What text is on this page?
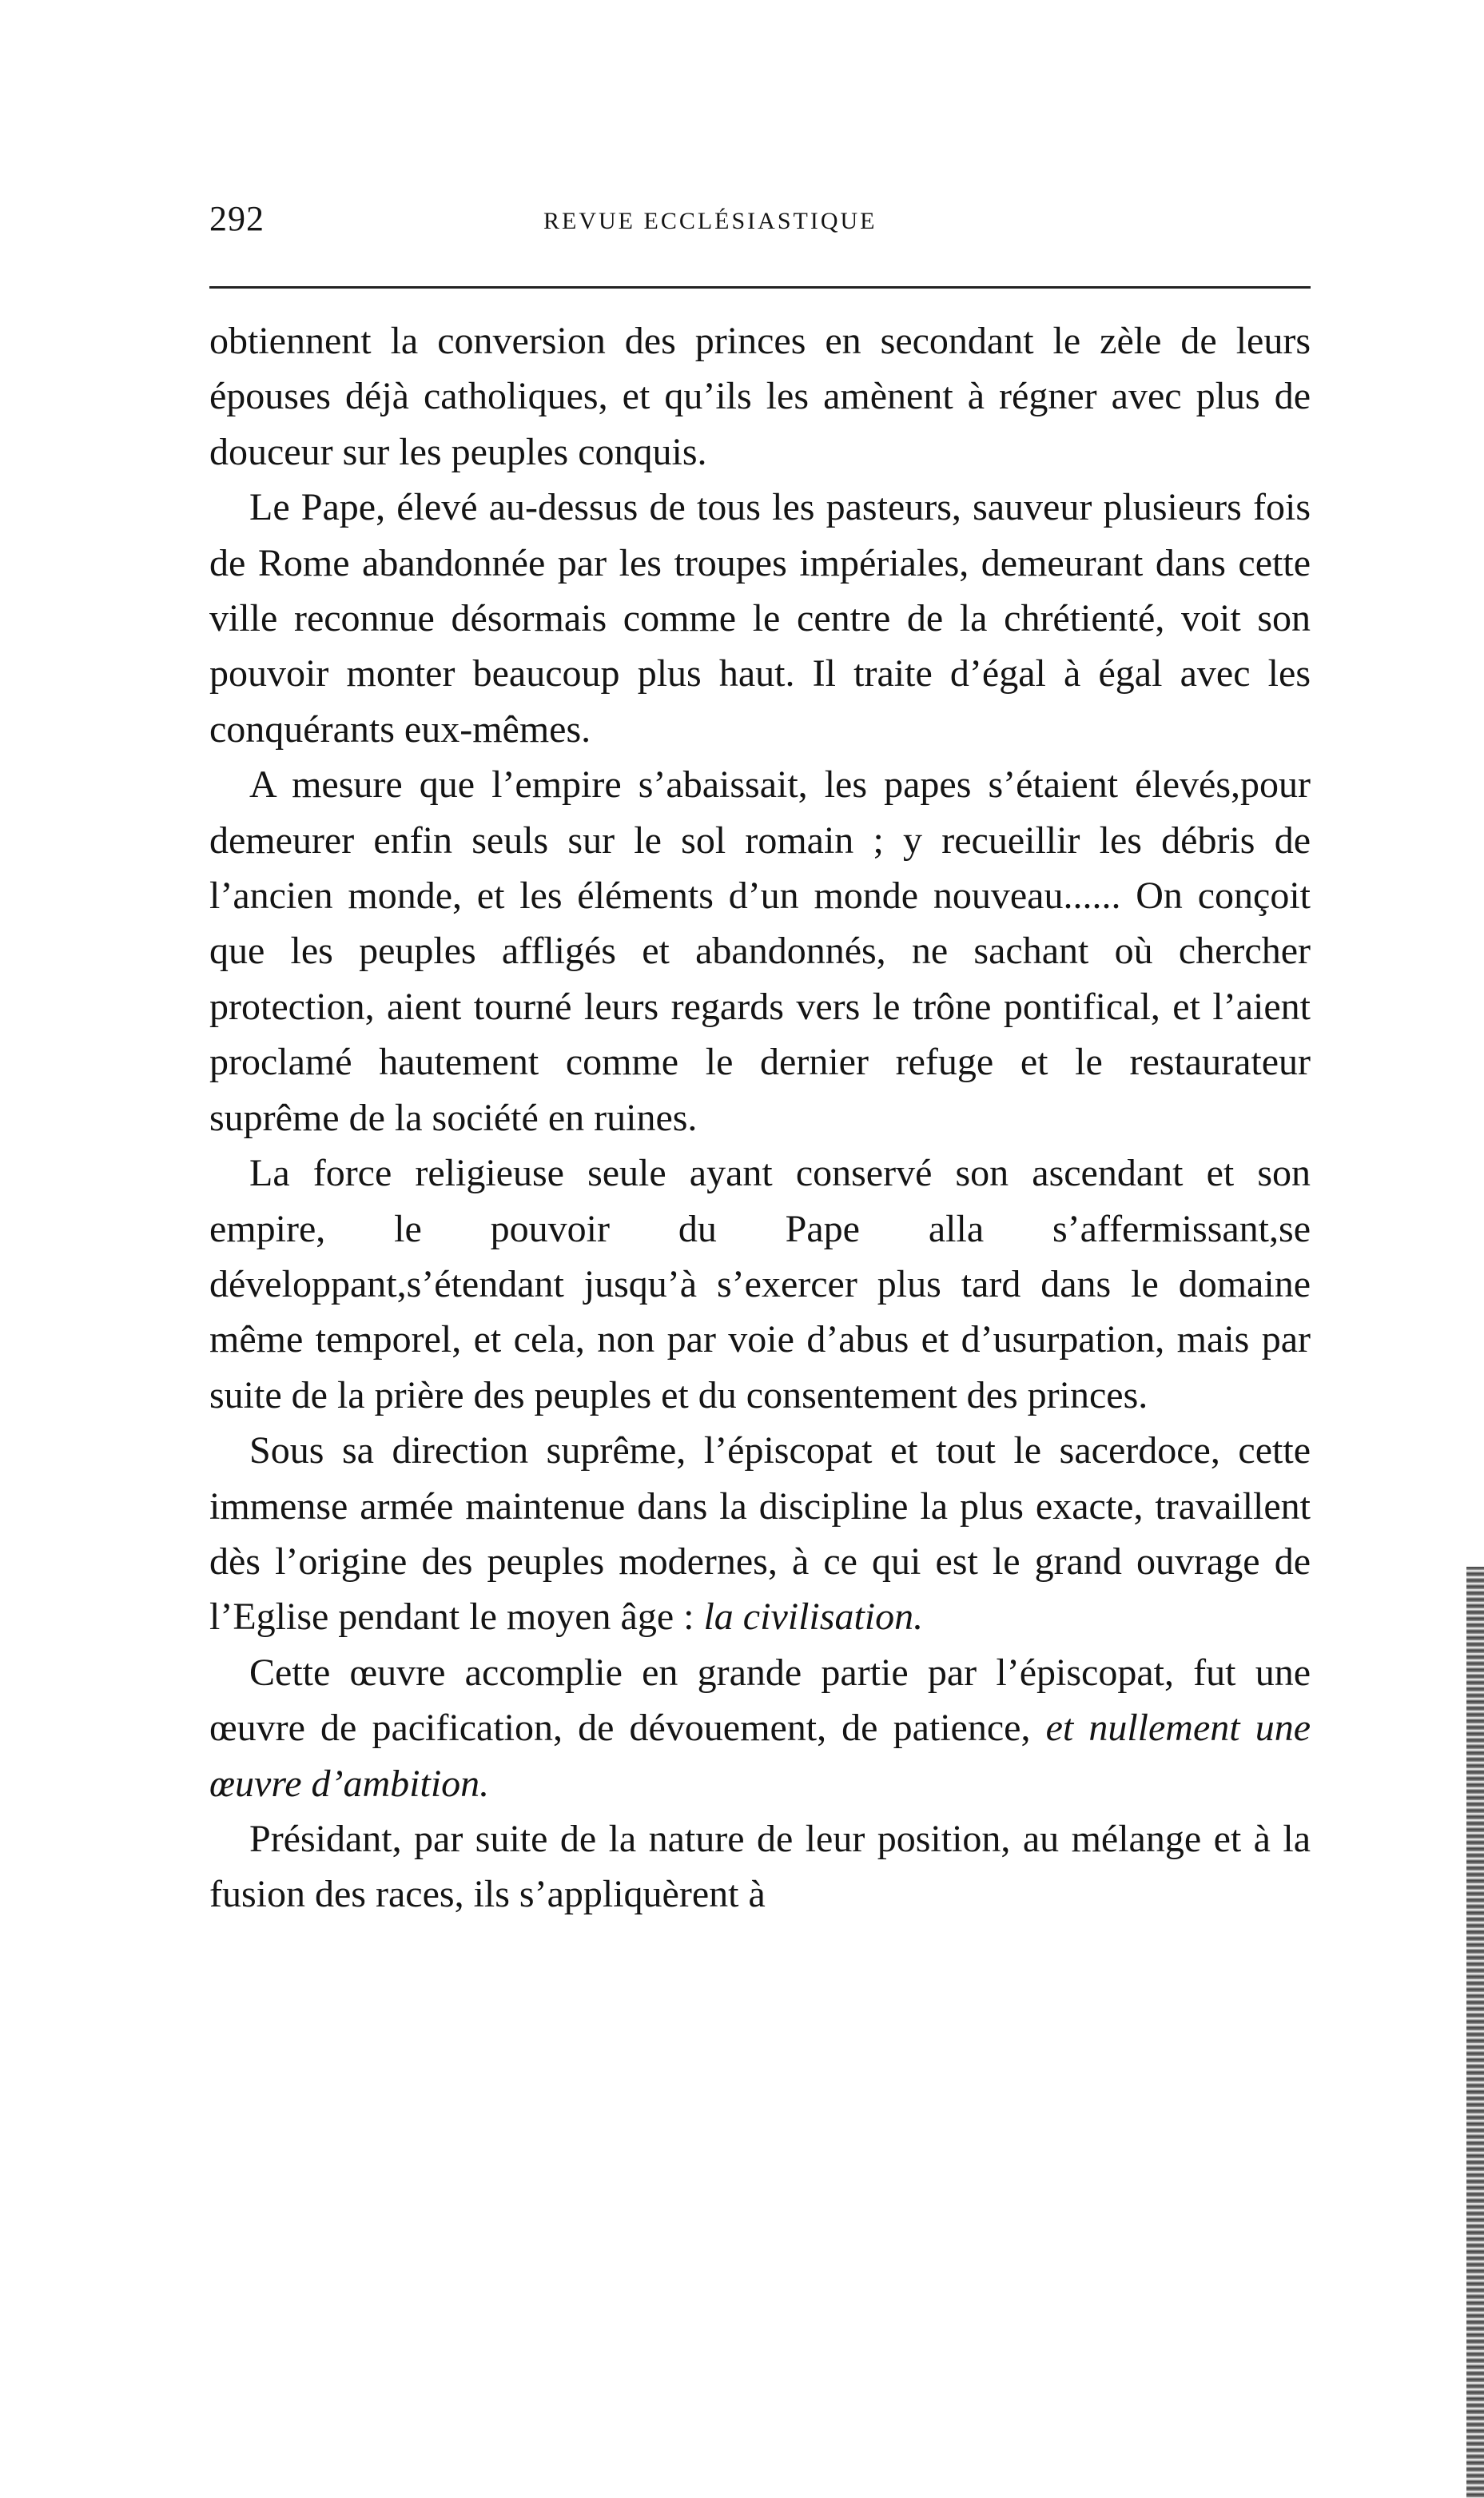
292	REVUE ECCLÉSIASTIQUE

obtiennent la conversion des princes en secondant le zèle de leurs épouses déjà catholiques, et qu’ils les amènent à régner avec plus de douceur sur les peuples conquis.

Le Pape, élevé au-dessus de tous les pasteurs, sauveur plusieurs fois de Rome abandonnée par les troupes impériales, demeurant dans cette ville reconnue désormais comme le centre de la chrétienté, voit son pouvoir monter beaucoup plus haut. Il traite d’égal à égal avec les conquérants eux-mêmes.

A mesure que l’empire s’abaissait, les papes s’étaient élevés,pour demeurer enfin seuls sur le sol romain ; y recueillir les débris de l’ancien monde, et les éléments d’un monde nouveau...... On conçoit que les peuples affligés et abandonnés, ne sachant où chercher protection, aient tourné leurs regards vers le trône pontifical, et l’aient proclamé hautement comme le dernier refuge et le restaurateur suprême de la société en ruines.

La force religieuse seule ayant conservé son ascendant et son empire, le pouvoir du Pape alla s’affermissant,se développant,s’étendant jusqu’à s’exercer plus tard dans le domaine même temporel, et cela, non par voie d’abus et d’usurpation, mais par suite de la prière des peuples et du consentement des princes.

Sous sa direction suprême, l’épiscopat et tout le sacerdoce, cette immense armée maintenue dans la discipline la plus exacte, travaillent dès l’origine des peuples modernes, à ce qui est le grand ouvrage de l’Eglise pendant le moyen âge : la civilisation.

Cette œuvre accomplie en grande partie par l’épiscopat, fut une œuvre de pacification, de dévouement, de patience, et nullement une œuvre d’ambition.

Présidant, par suite de la nature de leur position, au mélange et à la fusion des races, ils s’appliquèrent à
